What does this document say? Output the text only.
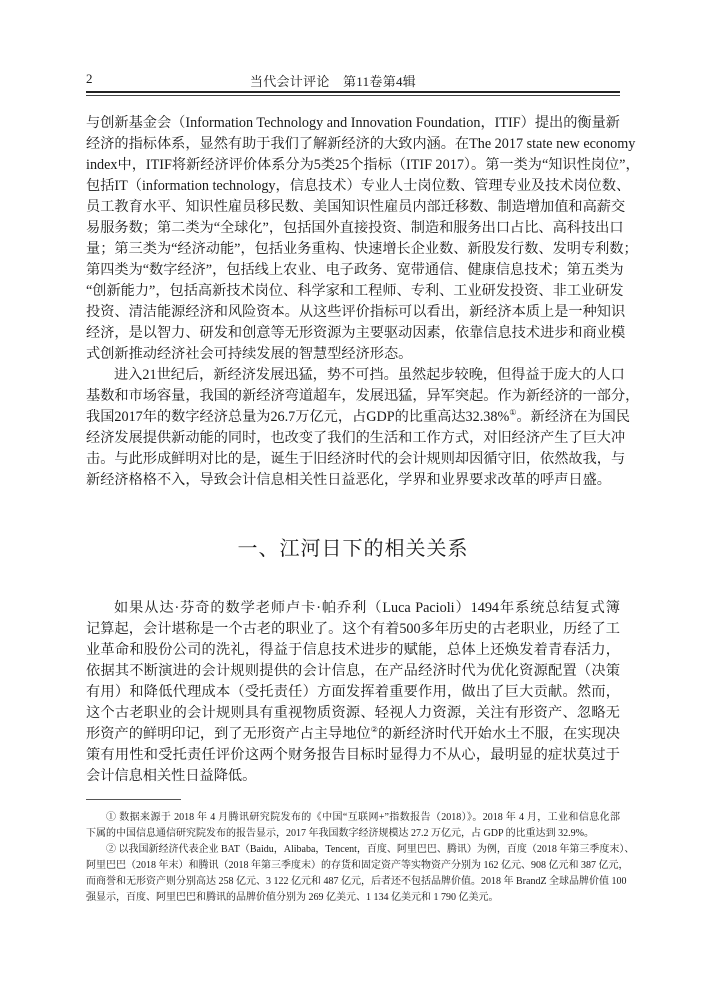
2	当代会计评论　第11卷第4辑
与创新基金会（Information Technology and Innovation Foundation，ITIF）提出的衡量新
经济的指标体系，显然有助于我们了解新经济的大致内涵。在The 2017 state new economy
index中，ITIF将新经济评价体系分为5类25个指标（ITIF 2017）。第一类为“知识性岗位”，
包括IT（information technology，信息技术）专业人士岗位数、管理专业及技术岗位数、
员工教育水平、知识性雇员移民数、美国知识性雇员内部迁移数、制造增加值和高薪交
易服务数；第二类为“全球化”，包括国外直接投资、制造和服务出口占比、高科技出口
量；第三类为“经济动能”，包括业务重构、快速增长企业数、新股发行数、发明专利数；
第四类为“数字经济”，包括线上农业、电子政务、宽带通信、健康信息技术；第五类为
“创新能力”，包括高新技术岗位、科学家和工程师、专利、工业研发投资、非工业研发
投资、清洁能源经济和风险资本。从这些评价指标可以看出，新经济本质上是一种知识
经济，是以智力、研发和创意等无形资源为主要驱动因素，依靠信息技术进步和商业模
式创新推动经济社会可持续发展的智慧型经济形态。
进入21世纪后，新经济发展迅猛，势不可挡。虽然起步较晚，但得益于庞大的人口
基数和市场容量，我国的新经济弯道超车，发展迅猛，异军突起。作为新经济的一部分，
我国2017年的数字经济总量为26.7万亿元，占GDP的比重高达32.38%①。新经济在为国民
经济发展提供新动能的同时，也改变了我们的生活和工作方式，对旧经济产生了巨大冲
击。与此形成鲜明对比的是，诞生于旧经济时代的会计规则却因循守旧，依然故我，与
新经济格格不入，导致会计信息相关性日益恶化，学界和业界要求改革的呼声日盛。
一、江河日下的相关关系
如果从达·芬奇的数学老师卢卡·帕乔利（Luca Pacioli）1494年系统总结复式簿
记算起，会计堪称是一个古老的职业了。这个有着500多年历史的古老职业，历经了工
业革命和股份公司的洗礼，得益于信息技术进步的赋能，总体上还焕发着青春活力，
依据其不断演进的会计规则提供的会计信息，在产品经济时代为优化资源配置（决策
有用）和降低代理成本（受托责任）方面发挥着重要作用，做出了巨大贡献。然而，
这个古老职业的会计规则具有重视物质资源、轻视人力资源，关注有形资产、忽略无
形资产的鲜明印记，到了无形资产占主导地位②的新经济时代开始水土不服，在实现决
策有用性和受托责任评价这两个财务报告目标时显得力不从心，最明显的症状莫过于
会计信息相关性日益降低。
① 数据来源于 2018 年 4 月腾讯研究院发布的《中国“互联网+”指数报告（2018）》。2018 年 4 月，工业和信息化部
下属的中国信息通信研究院发布的报告显示，2017 年我国数字经济规模达 27.2 万亿元，占 GDP 的比重达到 32.9%。
② 以我国新经济代表企业 BAT（Baidu，Alibaba，Tencent，百度、阿里巴巴、腾讯）为例，百度（2018 年第三季度末）、
阿里巴巴（2018 年末）和腾讯（2018 年第三季度末）的存货和固定资产等实物资产分别为 162 亿元、908 亿元和 387 亿元，
而商誉和无形资产则分别高达 258 亿元、3 122 亿元和 487 亿元，后者还不包括品牌价值。2018 年 BrandZ 全球品牌价值 100
强显示，百度、阿里巴巴和腾讯的品牌价值分别为 269 亿美元、1 134 亿美元和 1 790 亿美元。
